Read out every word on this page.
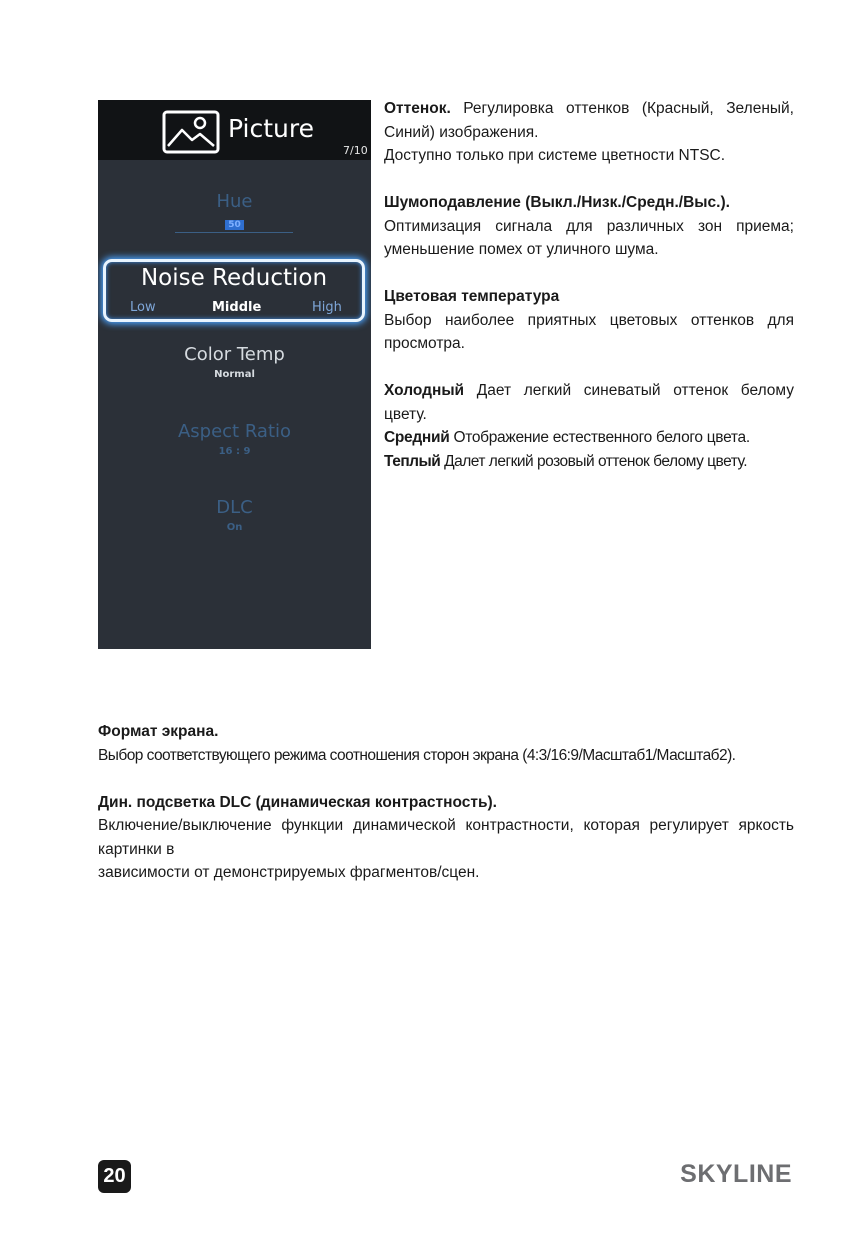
Picture
7/10
Hue
50
Noise Reduction
Low	Middle	High
Color Temp
Normal
Aspect Ratio
16 : 9
DLC
On

Оттенок. Регулировка оттенков (Красный, Зеленый, Синий) изображения.

Доступно только при системе цветности NTSC.

Шумоподавление (Выкл./Низк./Средн./Выс.).

Оптимизация сигнала для различных зон приема; уменьшение помех от уличного шума.

Цветовая температура

Выбор наиболее приятных цветовых оттенков для просмотра.

Холодный Дает легкий синеватый оттенок белому цвету.

Средний Отображение естественного белого цвета.

Теплый Далет легкий розовый оттенок белому цвету.

Формат экрана.

Выбор соответствующего режима соотношения сторон экрана (4:3/16:9/Масштаб1/Масштаб2).

Дин. подсветка DLC (динамическая контрастность).

Включение/выключение функции динамической контрастности, которая регулирует яркость картинки в

зависимости от демонстрируемых фрагментов/сцен.

20	SKYLINE
